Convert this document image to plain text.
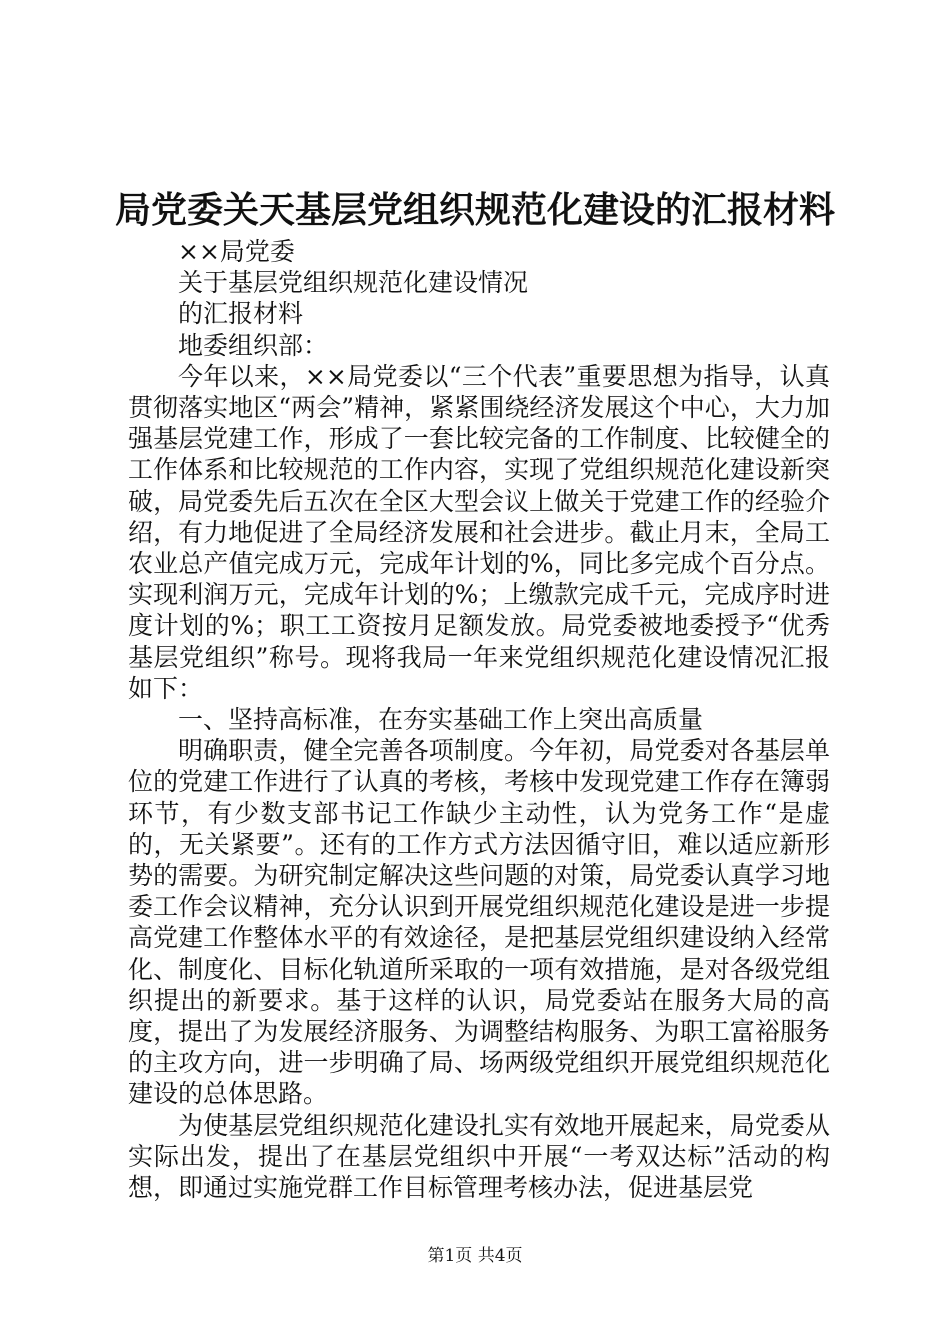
局党委关天基层党组织规范化建设的汇报材料

××局党委

关于基层党组织规范化建设情况

的汇报材料

地委组织部：

今年以来，××局党委以“三个代表”重要思想为指导，认真贯彻落实地区“两会”精神，紧紧围绕经济发展这个中心，大力加强基层党建工作，形成了一套比较完备的工作制度、比较健全的工作体系和比较规范的工作内容，实现了党组织规范化建设新突破，局党委先后五次在全区大型会议上做关于党建工作的经验介绍，有力地促进了全局经济发展和社会进步。截止月末，全局工农业总产值完成万元，完成年计划的%，同比多完成个百分点。实现利润万元，完成年计划的%；上缴款完成千元，完成序时进度计划的%；职工工资按月足额发放。局党委被地委授予“优秀基层党组织”称号。现将我局一年来党组织规范化建设情况汇报如下：

一、坚持高标准，在夯实基础工作上突出高质量

明确职责，健全完善各项制度。今年初，局党委对各基层单位的党建工作进行了认真的考核，考核中发现党建工作存在簿弱环节，有少数支部书记工作缺少主动性，认为党务工作“是虚的，无关紧要”。还有的工作方式方法因循守旧，难以适应新形势的需要。为研究制定解决这些问题的对策，局党委认真学习地委工作会议精神，充分认识到开展党组织规范化建设是进一步提高党建工作整体水平的有效途径，是把基层党组织建设纳入经常化、制度化、目标化轨道所采取的一项有效措施，是对各级党组织提出的新要求。基于这样的认识，局党委站在服务大局的高度，提出了为发展经济服务、为调整结构服务、为职工富裕服务的主攻方向，进一步明确了局、场两级党组织开展党组织规范化建设的总体思路。

为使基层党组织规范化建设扎实有效地开展起来，局党委从实际出发，提出了在基层党组织中开展“一考双达标”活动的构想，即通过实施党群工作目标管理考核办法，促进基层党

第1页 共4页
